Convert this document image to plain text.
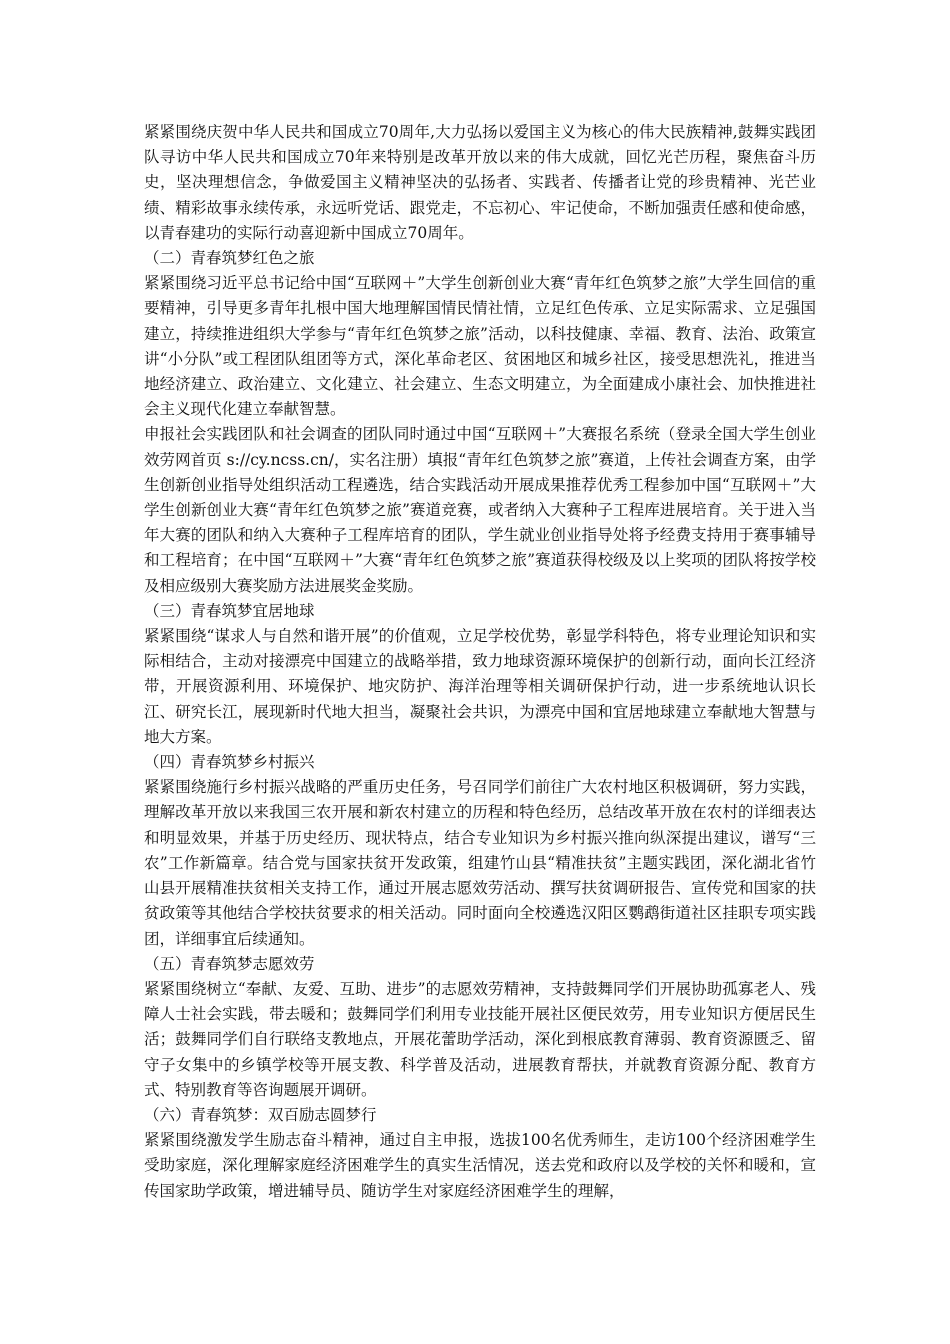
紧紧围绕庆贺中华人民共和国成立70周年,大力弘扬以爱国主义为核心的伟大民族精神,鼓舞实践团队寻访中华人民共和国成立70年来特别是改革开放以来的伟大成就，回忆光芒历程，聚焦奋斗历史，坚决理想信念，争做爱国主义精神坚决的弘扬者、实践者、传播者让党的珍贵精神、光芒业绩、精彩故事永续传承，永远听党话、跟党走，不忘初心、牢记使命，不断加强责任感和使命感，以青春建功的实际行动喜迎新中国成立70周年。

（二）青春筑梦红色之旅

紧紧围绕习近平总书记给中国“互联网＋”大学生创新创业大赛“青年红色筑梦之旅”大学生回信的重要精神，引导更多青年扎根中国大地理解国情民情社情，立足红色传承、立足实际需求、立足强国建立，持续推进组织大学参与“青年红色筑梦之旅”活动，以科技健康、幸福、教育、法治、政策宣讲“小分队”或工程团队组团等方式，深化革命老区、贫困地区和城乡社区，接受思想洗礼，推进当地经济建立、政治建立、文化建立、社会建立、生态文明建立，为全面建成小康社会、加快推进社会主义现代化建立奉献智慧。

申报社会实践团队和社会调查的团队同时通过中国“互联网＋”大赛报名系统（登录全国大学生创业效劳网首页 s://cy.ncss.cn/，实名注册）填报“青年红色筑梦之旅”赛道，上传社会调查方案，由学生创新创业指导处组织活动工程遴选，结合实践活动开展成果推荐优秀工程参加中国“互联网＋”大学生创新创业大赛“青年红色筑梦之旅”赛道竞赛，或者纳入大赛种子工程库进展培育。关于进入当年大赛的团队和纳入大赛种子工程库培育的团队，学生就业创业指导处将予经费支持用于赛事辅导和工程培育；在中国“互联网＋”大赛“青年红色筑梦之旅”赛道获得校级及以上奖项的团队将按学校及相应级别大赛奖励方法进展奖金奖励。

（三）青春筑梦宜居地球

紧紧围绕“谋求人与自然和谐开展”的价值观，立足学校优势，彰显学科特色，将专业理论知识和实际相结合，主动对接漂亮中国建立的战略举措，致力地球资源环境保护的创新行动，面向长江经济带，开展资源利用、环境保护、地灾防护、海洋治理等相关调研保护行动，进一步系统地认识长江、研究长江，展现新时代地大担当，凝聚社会共识，为漂亮中国和宜居地球建立奉献地大智慧与地大方案。

（四）青春筑梦乡村振兴

紧紧围绕施行乡村振兴战略的严重历史任务，号召同学们前往广大农村地区积极调研，努力实践，理解改革开放以来我国三农开展和新农村建立的历程和特色经历，总结改革开放在农村的详细表达和明显效果，并基于历史经历、现状特点，结合专业知识为乡村振兴推向纵深提出建议，谱写“三农”工作新篇章。结合党与国家扶贫开发政策，组建竹山县“精准扶贫”主题实践团，深化湖北省竹山县开展精准扶贫相关支持工作，通过开展志愿效劳活动、撰写扶贫调研报告、宣传党和国家的扶贫政策等其他结合学校扶贫要求的相关活动。同时面向全校遴选汉阳区鹦鹉街道社区挂职专项实践团，详细事宜后续通知。

（五）青春筑梦志愿效劳

紧紧围绕树立“奉献、友爱、互助、进步”的志愿效劳精神，支持鼓舞同学们开展协助孤寡老人、残障人士社会实践，带去暖和；鼓舞同学们利用专业技能开展社区便民效劳，用专业知识方便居民生活；鼓舞同学们自行联络支教地点，开展花蕾助学活动，深化到根底教育薄弱、教育资源匮乏、留守子女集中的乡镇学校等开展支教、科学普及活动，进展教育帮扶，并就教育资源分配、教育方式、特别教育等咨询题展开调研。

（六）青春筑梦：双百励志圆梦行

紧紧围绕激发学生励志奋斗精神，通过自主申报，选拔100名优秀师生，走访100个经济困难学生受助家庭，深化理解家庭经济困难学生的真实生活情况，送去党和政府以及学校的关怀和暖和，宣传国家助学政策，增进辅导员、随访学生对家庭经济困难学生的理解，
